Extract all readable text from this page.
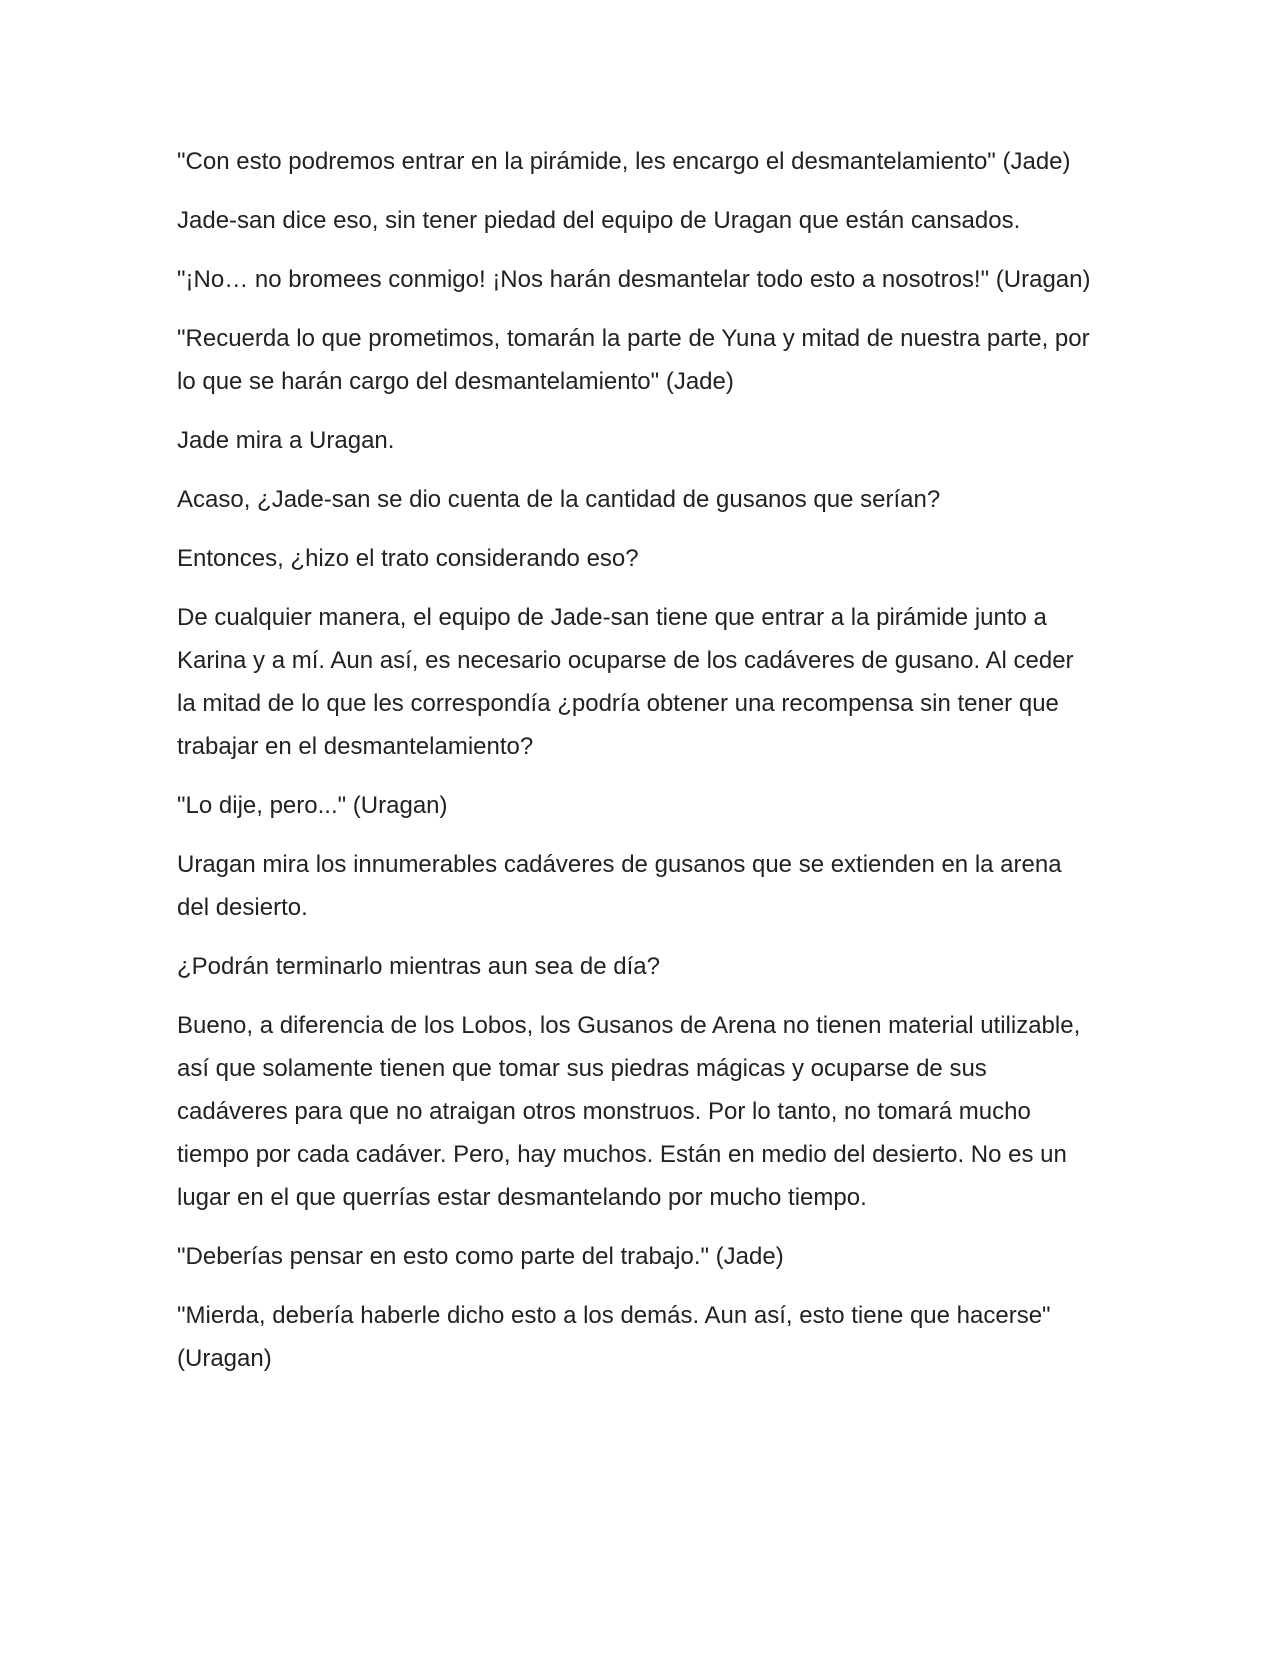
"Con esto podremos entrar en la pirámide, les encargo el desmantelamiento" (Jade)

Jade-san dice eso, sin tener piedad del equipo de Uragan que están cansados.

"¡No… no bromees conmigo! ¡Nos harán desmantelar todo esto a nosotros!" (Uragan)

"Recuerda lo que prometimos, tomarán la parte de Yuna y mitad de nuestra parte, por lo que se harán cargo del desmantelamiento" (Jade)

Jade mira a Uragan.

Acaso, ¿Jade-san se dio cuenta de la cantidad de gusanos que serían?

Entonces, ¿hizo el trato considerando eso?

De cualquier manera, el equipo de Jade-san tiene que entrar a la pirámide junto a Karina y a mí. Aun así, es necesario ocuparse de los cadáveres de gusano. Al ceder la mitad de lo que les correspondía ¿podría obtener una recompensa sin tener que trabajar en el desmantelamiento?

"Lo dije, pero..." (Uragan)

Uragan mira los innumerables cadáveres de gusanos que se extienden en la arena del desierto.

¿Podrán terminarlo mientras aun sea de día?

Bueno, a diferencia de los Lobos, los Gusanos de Arena no tienen material utilizable, así que solamente tienen que tomar sus piedras mágicas y ocuparse de sus cadáveres para que no atraigan otros monstruos. Por lo tanto, no tomará mucho tiempo por cada cadáver. Pero, hay muchos. Están en medio del desierto. No es un lugar en el que querrías estar desmantelando por mucho tiempo.

"Deberías pensar en esto como parte del trabajo." (Jade)

"Mierda, debería haberle dicho esto a los demás. Aun así, esto tiene que hacerse" (Uragan)
